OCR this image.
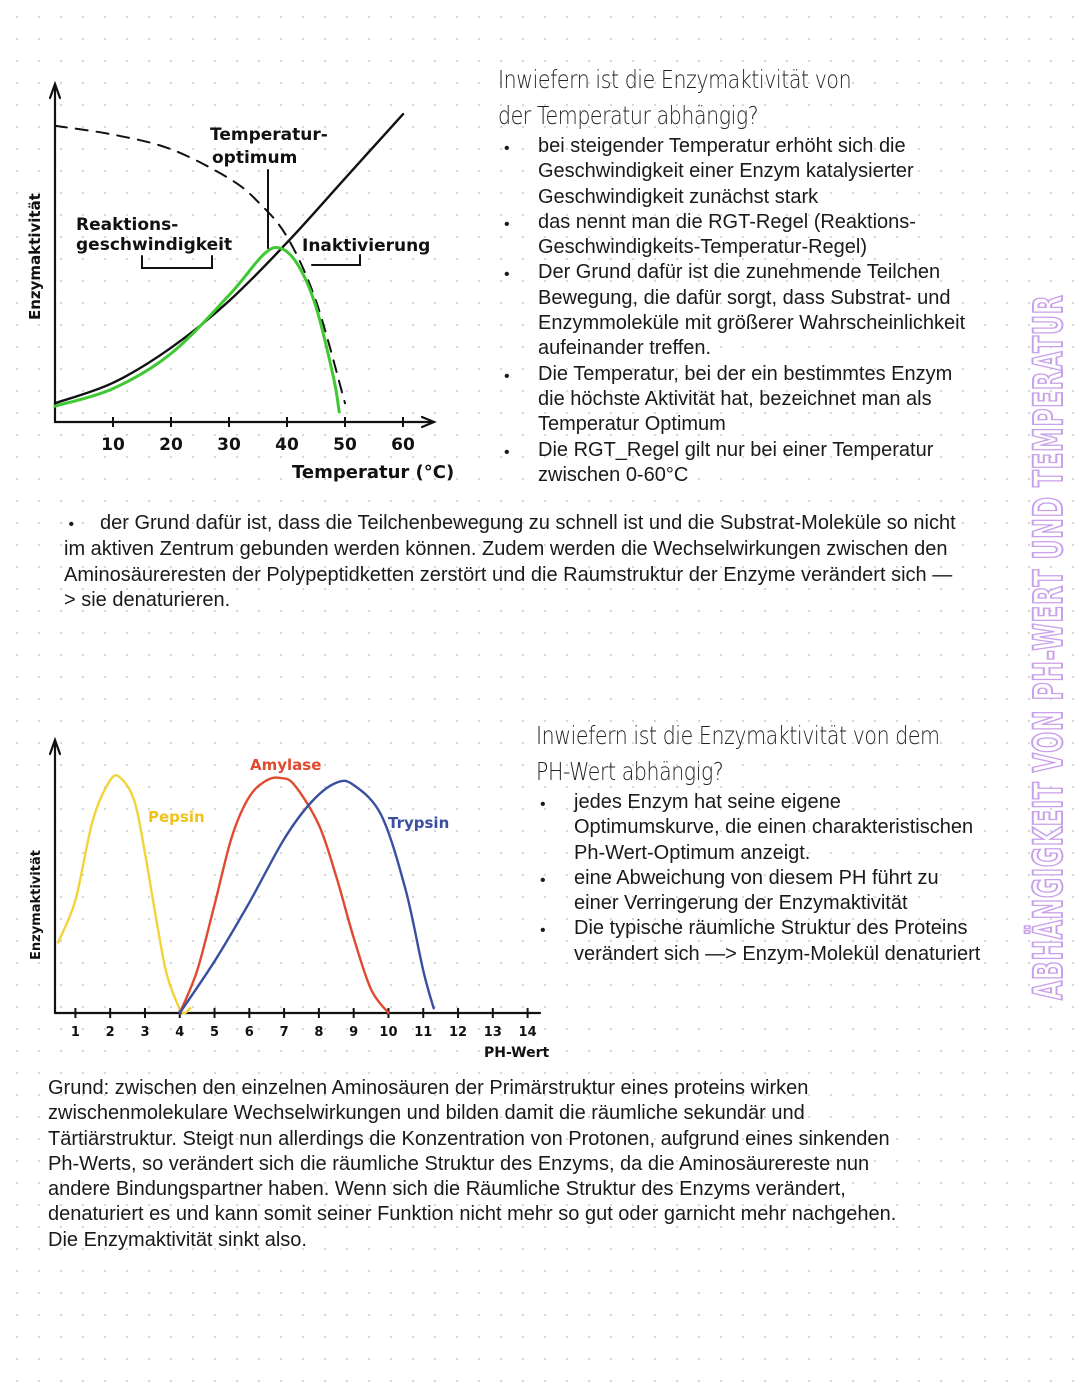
10 20 30 40 50 60
Enzymaktivität
Temperatur (°C)
Temperatur-
optimum
Reaktions-
geschwindigkeit	Inaktivierung
Inwiefern ist die Enzymaktivität von der Temperatur abhängig?
• bei steigender Temperatur erhöht sich die Geschwindigkeit einer Enzym katalysierter Geschwindigkeit zunächst stark
• das nennt man die RGT-Regel (Reaktions-Geschwindigkeits-Temperatur-Regel)
• Der Grund dafür ist die zunehmende Teilchen Bewegung, die dafür sorgt, dass Substrat- und Enzymmoleküle mit größerer Wahrscheinlichkeit aufeinander treffen.
• Die Temperatur, bei der ein bestimmtes Enzym die höchste Aktivität hat, bezeichnet man als Temperatur Optimum
• Die RGT_Regel gilt nur bei einer Temperatur zwischen 0-60°C
• der Grund dafür ist, dass die Teilchenbewegung zu schnell ist und die Substrat-Moleküle so nicht im aktiven Zentrum gebunden werden können. Zudem werden die Wechselwirkungen zwischen den Aminosäureresten der Polypeptidketten zerstört und die Raumstruktur der Enzyme verändert sich —> sie denaturieren.
1 2 3 4 5 6 7 8 9 10 11 12 13 14
Enzymaktivität
PH-Wert
Pepsin
Amylase
Trypsin
Inwiefern ist die Enzymaktivität von dem PH-Wert abhängig?
• jedes Enzym hat seine eigene Optimumskurve, die einen charakteristischen Ph-Wert-Optimum anzeigt.
• eine Abweichung von diesem PH führt zu einer Verringerung der Enzymaktivität
• Die typische räumliche Struktur des Proteins verändert sich —> Enzym-Molekül denaturiert
Grund: zwischen den einzelnen Aminosäuren der Primärstruktur eines proteins wirken zwischenmolekulare Wechselwirkungen und bilden damit die räumliche sekundär und Tärtiärstruktur. Steigt nun allerdings die Konzentration von Protonen, aufgrund eines sinkenden Ph-Werts, so verändert sich die räumliche Struktur des Enzyms, da die Aminosäurereste nun andere Bindungspartner haben. Wenn sich die Räumliche Struktur des Enzyms verändert, denaturiert es und kann somit seiner Funktion nicht mehr so gut oder garnicht mehr nachgehen. Die Enzymaktivität sinkt also.
ABHÄNGIGKEIT VON PH-WERT UND TEMPERATUR
